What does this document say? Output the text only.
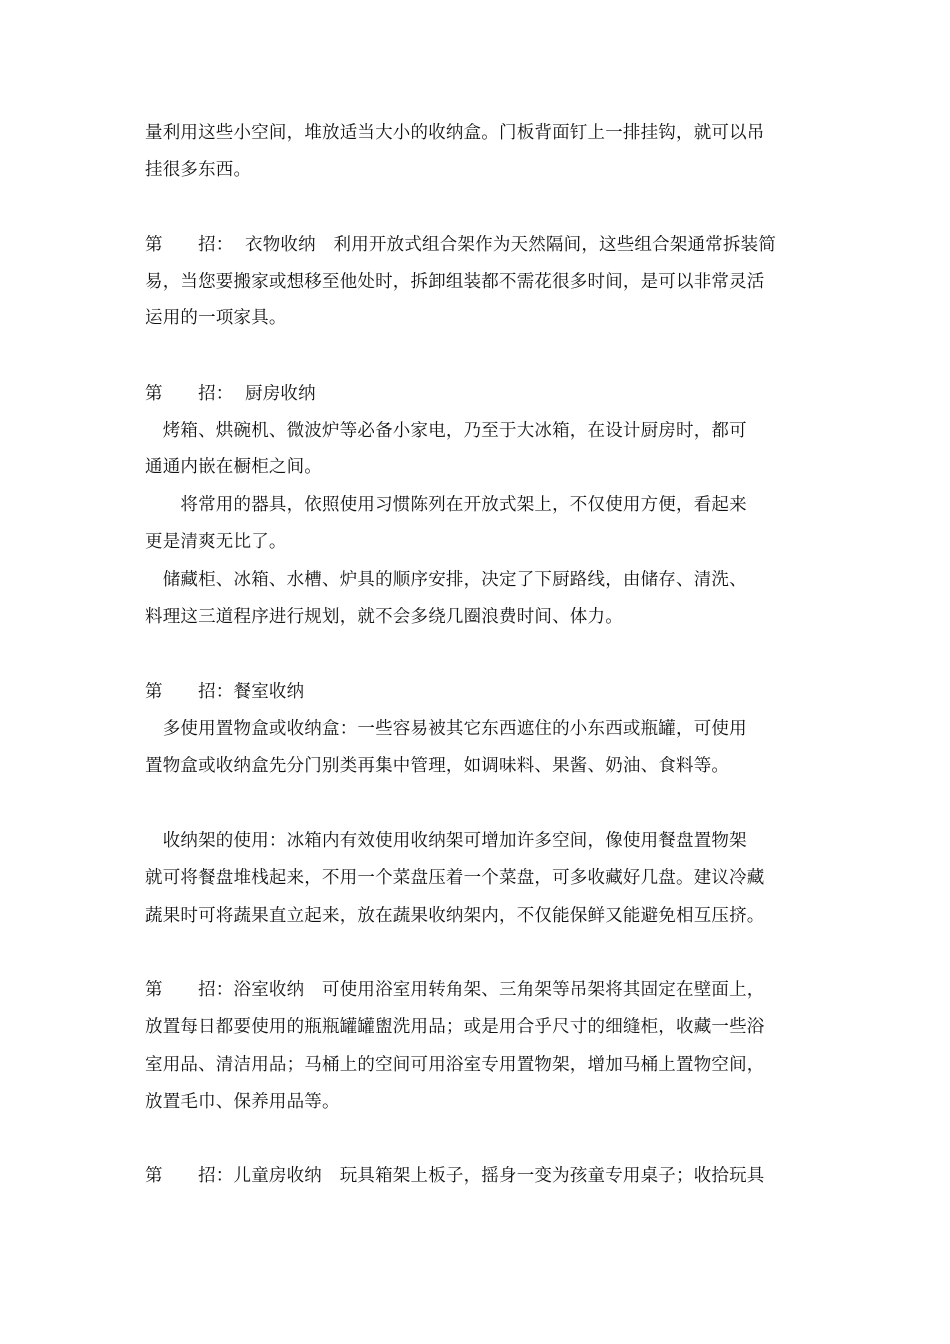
量利用这些小空间，堆放适当大小的收纳盒。门板背面钉上一排挂钩，就可以吊
挂很多东西。
第　　招：  衣物收纳　利用开放式组合架作为天然隔间，这些组合架通常拆装简
易，当您要搬家或想移至他处时，拆卸组装都不需花很多时间，是可以非常灵活
运用的一项家具。
第　　招：  厨房收纳
　烤箱、烘碗机、微波炉等必备小家电，乃至于大冰箱，在设计厨房时，都可
通通内嵌在橱柜之间。
　　将常用的器具，依照使用习惯陈列在开放式架上，不仅使用方便，看起来
更是清爽无比了。
　储藏柜、冰箱、水槽、炉具的顺序安排，决定了下厨路线，由储存、清洗、
料理这三道程序进行规划，就不会多绕几圈浪费时间、体力。
第　　招：餐室收纳
　多使用置物盒或收纳盒：一些容易被其它东西遮住的小东西或瓶罐，可使用
置物盒或收纳盒先分门别类再集中管理，如调味料、果酱、奶油、食料等。
　收纳架的使用：冰箱内有效使用收纳架可增加许多空间，像使用餐盘置物架
就可将餐盘堆栈起来，不用一个菜盘压着一个菜盘，可多收藏好几盘。建议冷藏
蔬果时可将蔬果直立起来，放在蔬果收纳架内，不仅能保鲜又能避免相互压挤。
第　　招：浴室收纳　可使用浴室用转角架、三角架等吊架将其固定在壁面上，
放置每日都要使用的瓶瓶罐罐盥洗用品；或是用合乎尺寸的细缝柜，收藏一些浴
室用品、清洁用品；马桶上的空间可用浴室专用置物架，增加马桶上置物空间，
放置毛巾、保养用品等。
第　　招：儿童房收纳　玩具箱架上板子，摇身一变为孩童专用桌子；收拾玩具
